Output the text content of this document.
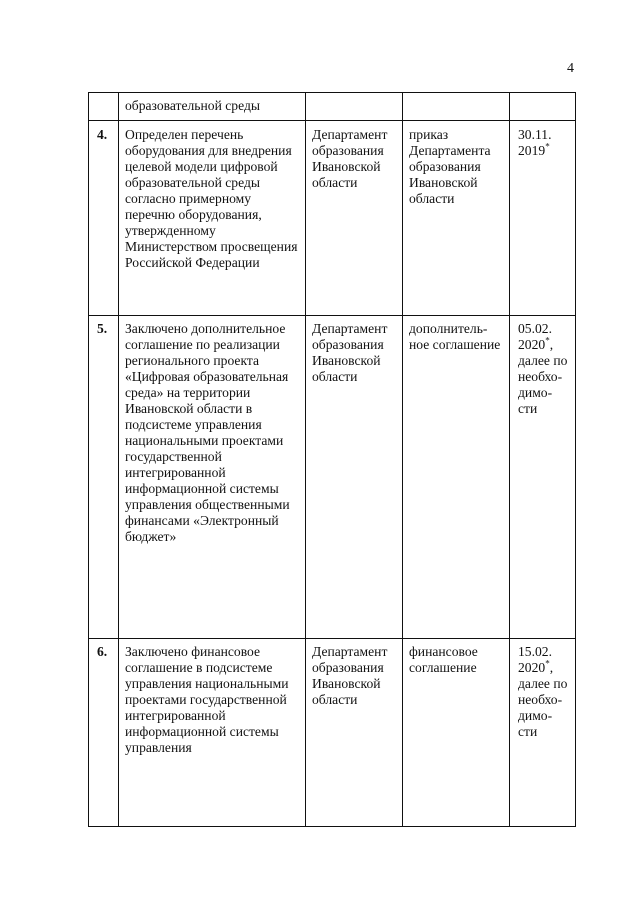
4
	образовательной среды			
4.	Определен перечень оборудования для внедрения целевой модели цифровой образовательной среды согласно примерному перечню оборудования, утвержденному Министерством просвещения Российской Федерации	Департамент образования Ивановской области	приказ Департамента образования Ивановской области	30.11. 2019*
5.	Заключено дополнительное соглашение по реализации регионального проекта «Цифровая образовательная среда» на территории Ивановской области в подсистеме управления национальными проектами государственной интегрированной информационной системы управления общественными финансами «Электронный бюджет»	Департамент образования Ивановской области	дополнитель-ное соглашение	05.02. 2020*, далее по необхо-димо-сти
6.	Заключено финансовое соглашение в подсистеме управления национальными проектами государственной интегрированной информационной системы управления	Департамент образования Ивановской области	финансовое соглашение	15.02. 2020*, далее по необхо-димо-сти
